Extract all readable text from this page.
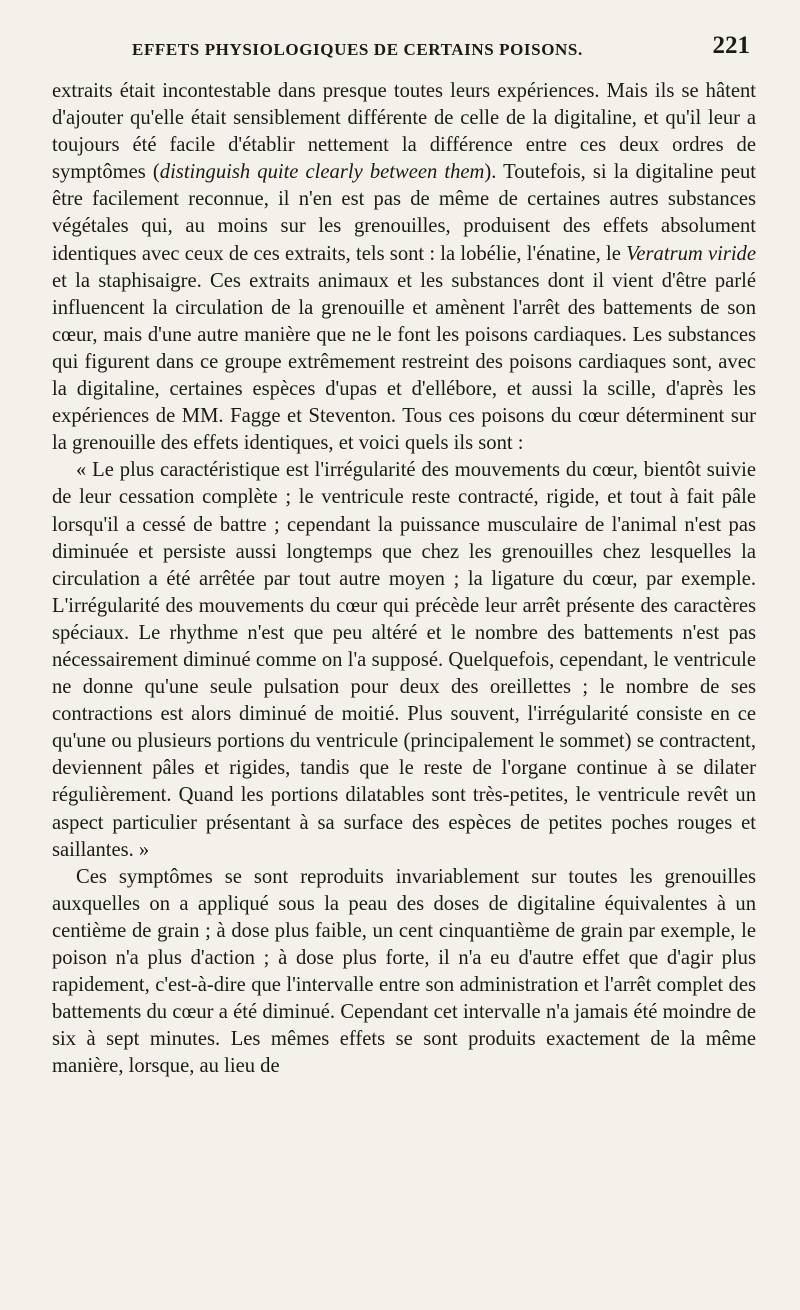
EFFETS PHYSIOLOGIQUES DE CERTAINS POISONS.	221

extraits était incontestable dans presque toutes leurs expériences. Mais ils se hâtent d'ajouter qu'elle était sensiblement différente de celle de la digitaline, et qu'il leur a toujours été facile d'établir nettement la différence entre ces deux ordres de symptômes (distinguish quite clearly between them). Toutefois, si la digitaline peut être facilement reconnue, il n'en est pas de même de certaines autres substances végétales qui, au moins sur les grenouilles, produisent des effets absolument identiques avec ceux de ces extraits, tels sont : la lobélie, l'énatine, le Veratrum viride et la staphisaigre. Ces extraits animaux et les substances dont il vient d'être parlé influencent la circulation de la grenouille et amènent l'arrêt des battements de son cœur, mais d'une autre manière que ne le font les poisons cardiaques. Les substances qui figurent dans ce groupe extrêmement restreint des poisons cardiaques sont, avec la digitaline, certaines espèces d'upas et d'ellébore, et aussi la scille, d'après les expériences de MM. Fagge et Steventon. Tous ces poisons du cœur déterminent sur la grenouille des effets identiques, et voici quels ils sont :

« Le plus caractéristique est l'irrégularité des mouvements du cœur, bientôt suivie de leur cessation complète ; le ventricule reste contracté, rigide, et tout à fait pâle lorsqu'il a cessé de battre ; cependant la puissance musculaire de l'animal n'est pas diminuée et persiste aussi longtemps que chez les grenouilles chez lesquelles la circulation a été arrêtée par tout autre moyen ; la ligature du cœur, par exemple. L'irrégularité des mouvements du cœur qui précède leur arrêt présente des caractères spéciaux. Le rhythme n'est que peu altéré et le nombre des battements n'est pas nécessairement diminué comme on l'a supposé. Quelquefois, cependant, le ventricule ne donne qu'une seule pulsation pour deux des oreillettes ; le nombre de ses contractions est alors diminué de moitié. Plus souvent, l'irrégularité consiste en ce qu'une ou plusieurs portions du ventricule (principalement le sommet) se contractent, deviennent pâles et rigides, tandis que le reste de l'organe continue à se dilater régulièrement. Quand les portions dilatables sont très-petites, le ventricule revêt un aspect particulier présentant à sa surface des espèces de petites poches rouges et saillantes. »

Ces symptômes se sont reproduits invariablement sur toutes les grenouilles auxquelles on a appliqué sous la peau des doses de digitaline équivalentes à un centième de grain ; à dose plus faible, un cent cinquantième de grain par exemple, le poison n'a plus d'action ; à dose plus forte, il n'a eu d'autre effet que d'agir plus rapidement, c'est-à-dire que l'intervalle entre son administration et l'arrêt complet des battements du cœur a été diminué. Cependant cet intervalle n'a jamais été moindre de six à sept minutes. Les mêmes effets se sont produits exactement de la même manière, lorsque, au lieu de
